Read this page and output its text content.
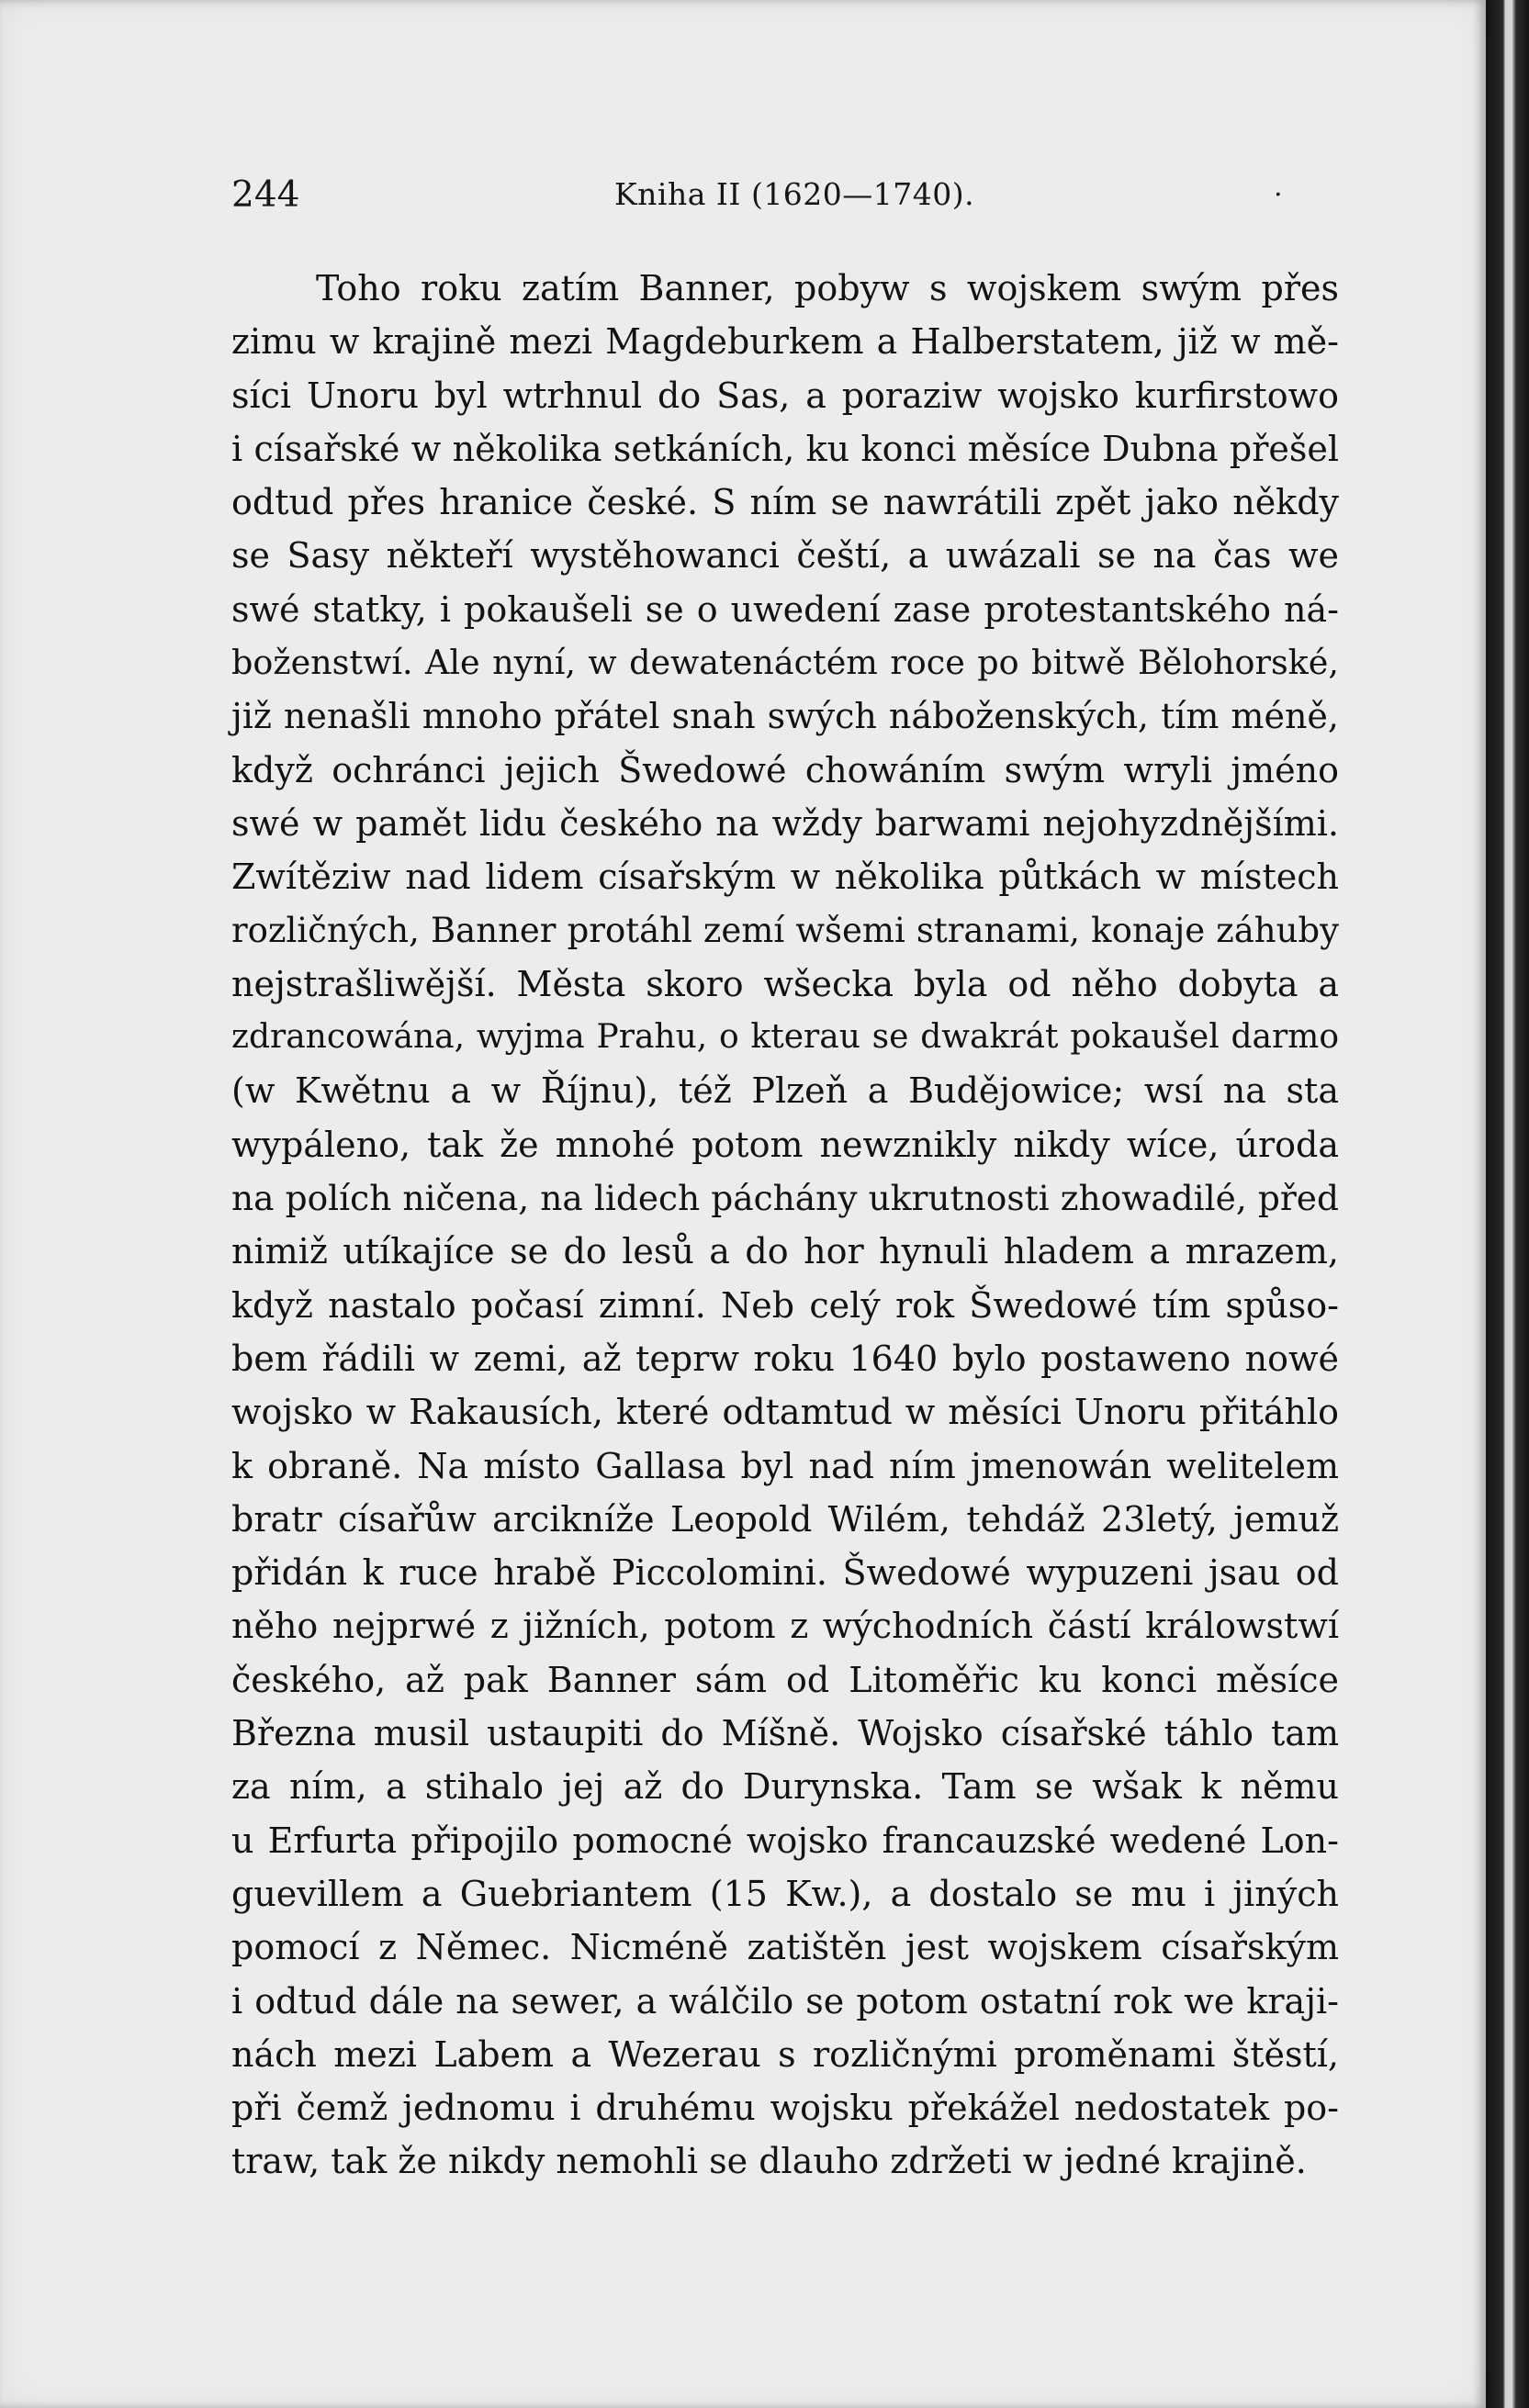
244	Kniha II (1620—1740).	.
Toho roku zatím Banner, pobyw s wojskem swým přes
zimu w krajině mezi Magdeburkem a Halberstatem, již w mě-
síci Unoru byl wtrhnul do Sas, a poraziw wojsko kurfirstowo
i císařské w několika setkáních, ku konci měsíce Dubna přešel
odtud přes hranice české. S ním se nawrátili zpět jako někdy
se Sasy někteří wystěhowanci čeští, a uwázali se na čas we
swé statky, i pokaušeli se o uwedení zase protestantského ná-
boženstwí. Ale nyní, w dewatenáctém roce po bitwě Bělohorské,
již nenašli mnoho přátel snah swých náboženských, tím méně,
když ochránci jejich Šwedowé chowáním swým wryli jméno
swé w pamět lidu českého na wždy barwami nejohyzdnějšími.
Zwítěziw nad lidem císařským w několika půtkách w místech
rozličných, Banner protáhl zemí wšemi stranami, konaje záhuby
nejstrašliwější. Města skoro wšecka byla od něho dobyta a
zdrancowána, wyjma Prahu, o kterau se dwakrát pokaušel darmo
(w Kwětnu a w Říjnu), též Plzeň a Budějowice; wsí na sta
wypáleno, tak že mnohé potom newznikly nikdy wíce, úroda
na polích ničena, na lidech páchány ukrutnosti zhowadilé, před
nimiž utíkajíce se do lesů a do hor hynuli hladem a mrazem,
když nastalo počasí zimní. Neb celý rok Šwedowé tím spůso-
bem řádili w zemi, až teprw roku 1640 bylo postaweno nowé
wojsko w Rakausích, které odtamtud w měsíci Unoru přitáhlo
k obraně. Na místo Gallasa byl nad ním jmenowán welitelem
bratr císařůw arcikníže Leopold Wilém, tehdáž 23letý, jemuž
přidán k ruce hrabě Piccolomini. Šwedowé wypuzeni jsau od
něho nejprwé z jižních, potom z wýchodních částí králowstwí
českého, až pak Banner sám od Litoměřic ku konci měsíce
Března musil ustaupiti do Míšně. Wojsko císařské táhlo tam
za ním, a stihalo jej až do Durynska. Tam se wšak k němu
u Erfurta připojilo pomocné wojsko francauzské wedené Lon-
guevillem a Guebriantem (15 Kw.), a dostalo se mu i jiných
pomocí z Němec. Nicméně zatištěn jest wojskem císařským
i odtud dále na sewer, a wálčilo se potom ostatní rok we kraji-
nách mezi Labem a Wezerau s rozličnými proměnami štěstí,
při čemž jednomu i druhému wojsku překážel nedostatek po-
traw, tak že nikdy nemohli se dlauho zdržeti w jedné krajině.
